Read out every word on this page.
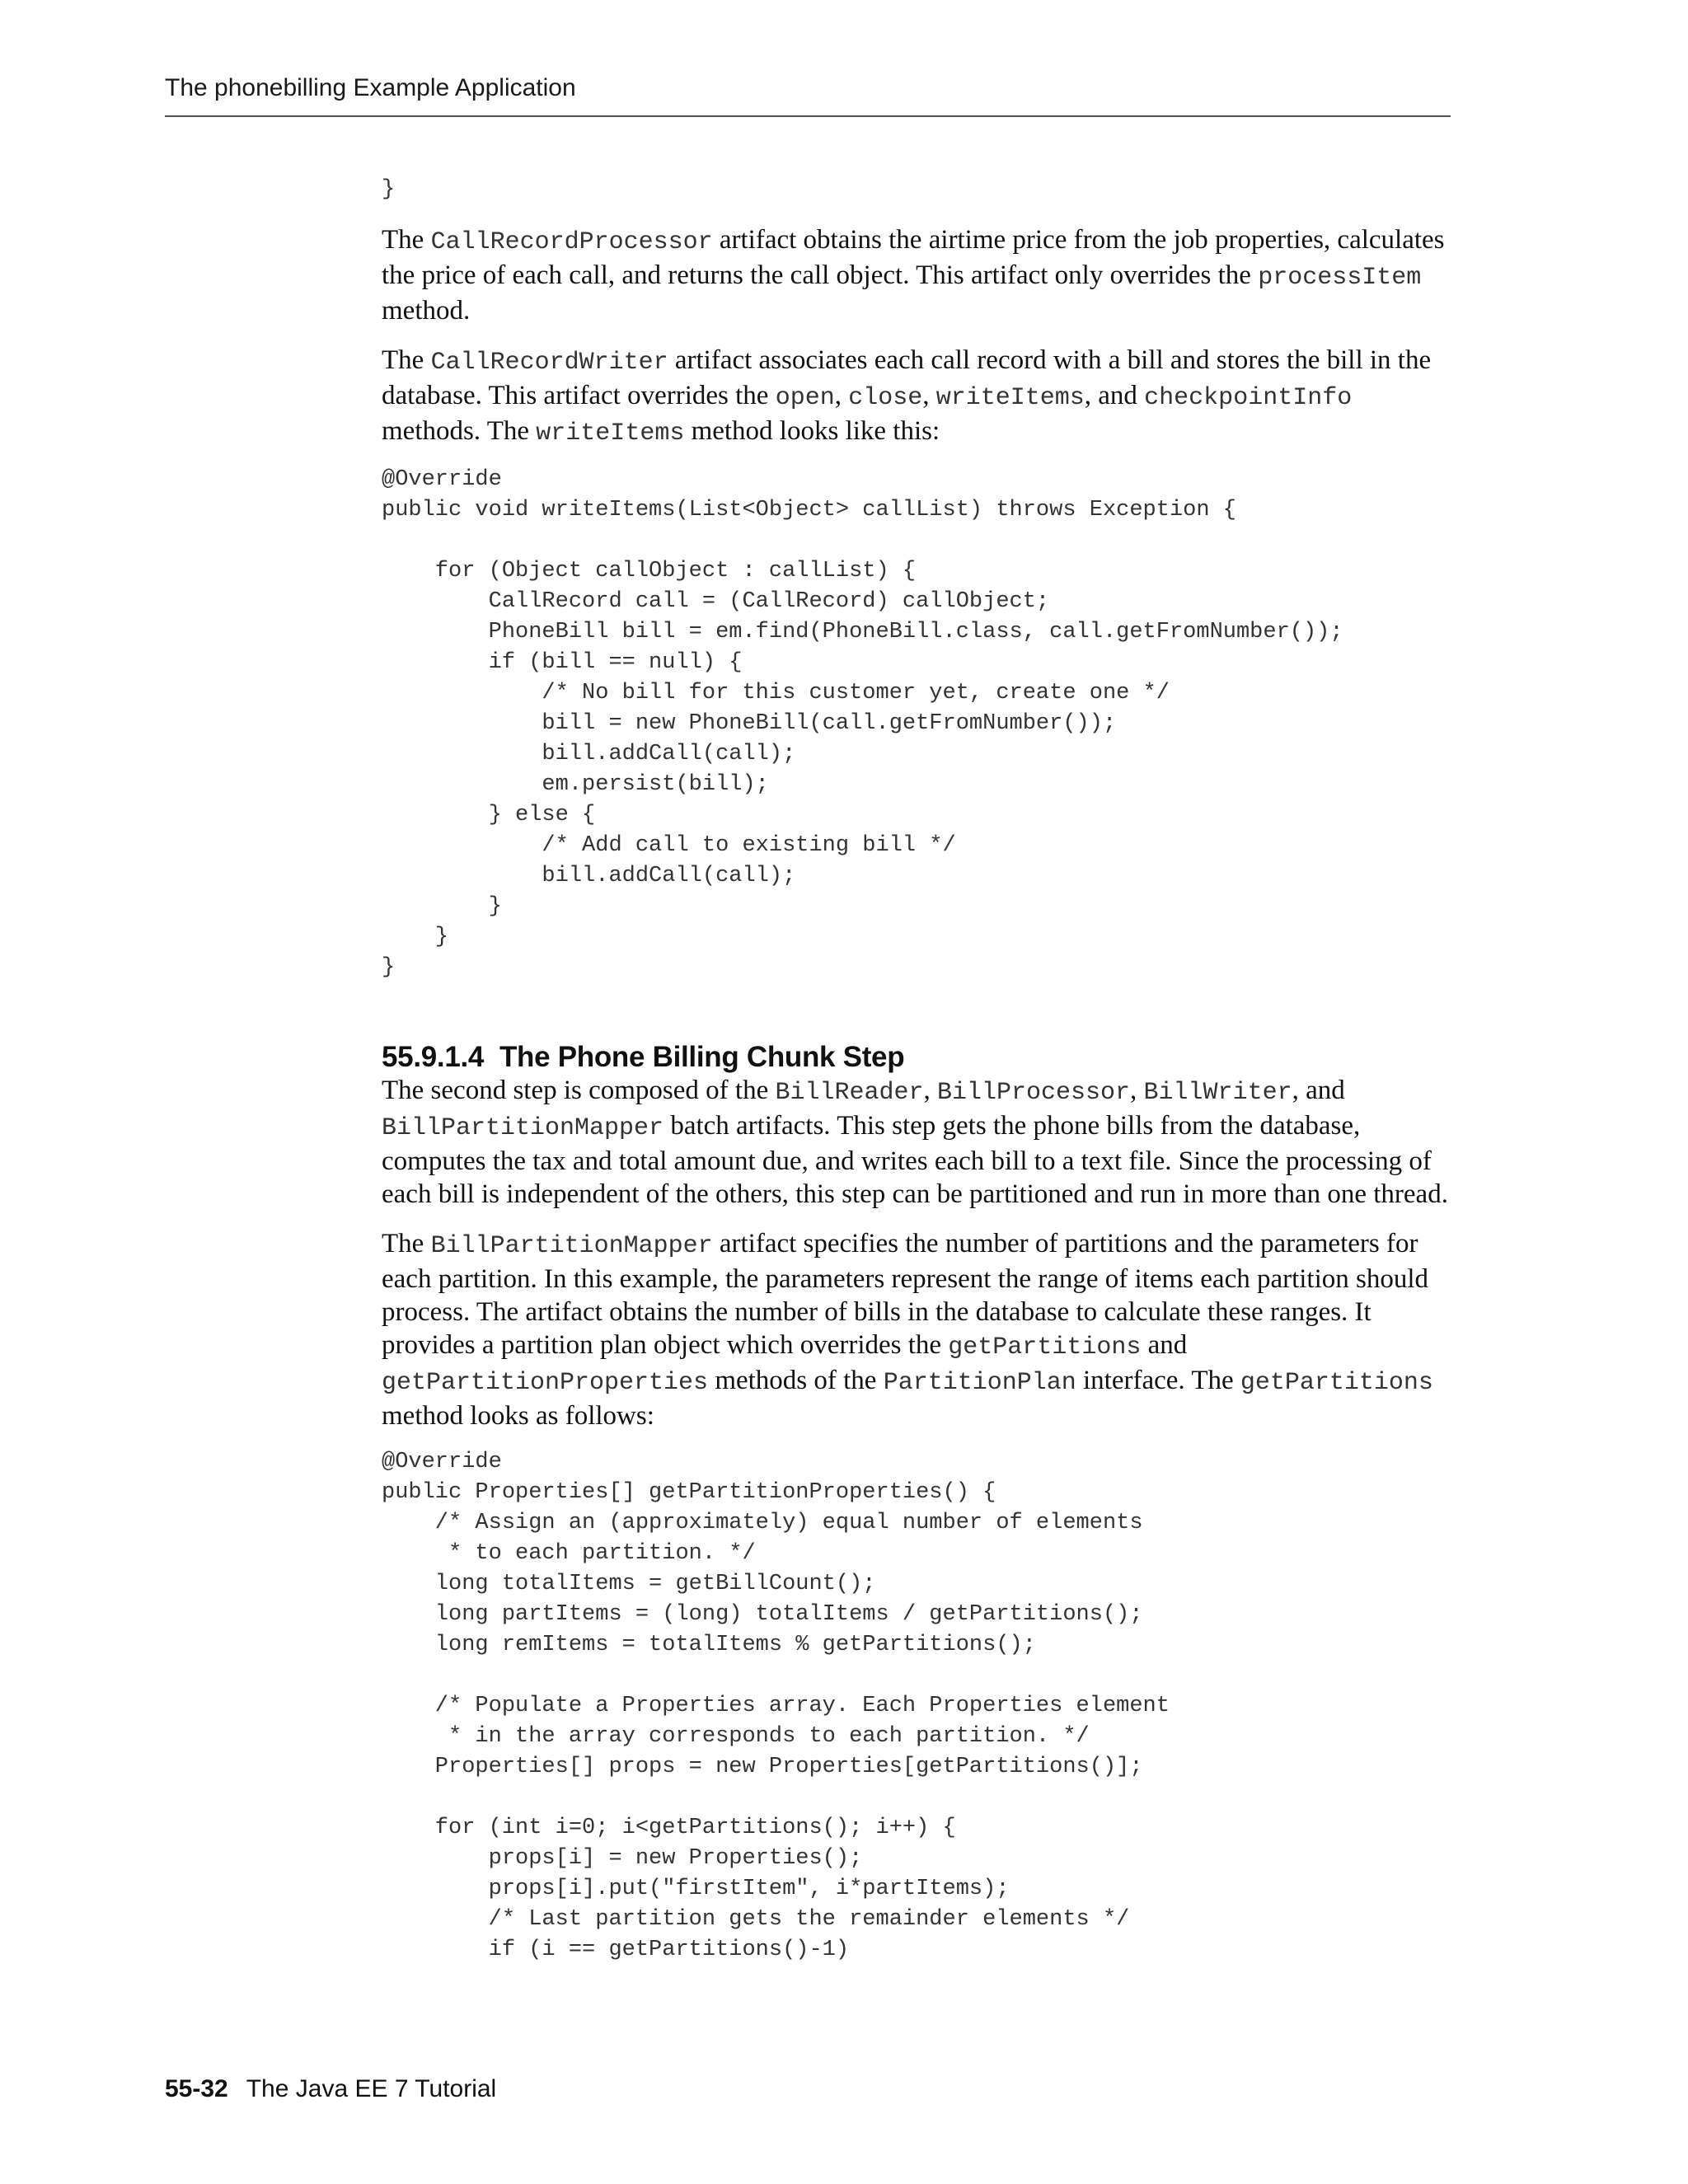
The phonebilling Example Application
}

The CallRecordProcessor artifact obtains the airtime price from the job properties, calculates the price of each call, and returns the call object. This artifact only overrides the processItem method.

The CallRecordWriter artifact associates each call record with a bill and stores the bill in the database. This artifact overrides the open, close, writeItems, and checkpointInfo methods. The writeItems method looks like this:

@Override
public void writeItems(List<Object> callList) throws Exception {

for (Object callObject : callList) {
CallRecord call = (CallRecord) callObject;
PhoneBill bill = em.find(PhoneBill.class, call.getFromNumber());
if (bill == null) {
/* No bill for this customer yet, create one */
bill = new PhoneBill(call.getFromNumber());
bill.addCall(call);
em.persist(bill);
} else {
/* Add call to existing bill */
bill.addCall(call);
}
}
}
55.9.1.4 The Phone Billing Chunk Step

The second step is composed of the BillReader, BillProcessor, BillWriter, and BillPartitionMapper batch artifacts. This step gets the phone bills from the database, computes the tax and total amount due, and writes each bill to a text file. Since the processing of each bill is independent of the others, this step can be partitioned and run in more than one thread.

The BillPartitionMapper artifact specifies the number of partitions and the parameters for each partition. In this example, the parameters represent the range of items each partition should process. The artifact obtains the number of bills in the database to calculate these ranges. It provides a partition plan object which overrides the getPartitions and getPartitionProperties methods of the PartitionPlan interface. The getPartitions method looks as follows:

@Override
public Properties[] getPartitionProperties() {
/* Assign an (approximately) equal number of elements
* to each partition. */
long totalItems = getBillCount();
long partItems = (long) totalItems / getPartitions();
long remItems = totalItems % getPartitions();

/* Populate a Properties array. Each Properties element
* in the array corresponds to each partition. */
Properties[] props = new Properties[getPartitions()];

for (int i=0; i<getPartitions(); i++) {
props[i] = new Properties();
props[i].put("firstItem", i*partItems);
/* Last partition gets the remainder elements */
if (i == getPartitions()-1)
55-32 The Java EE 7 Tutorial
